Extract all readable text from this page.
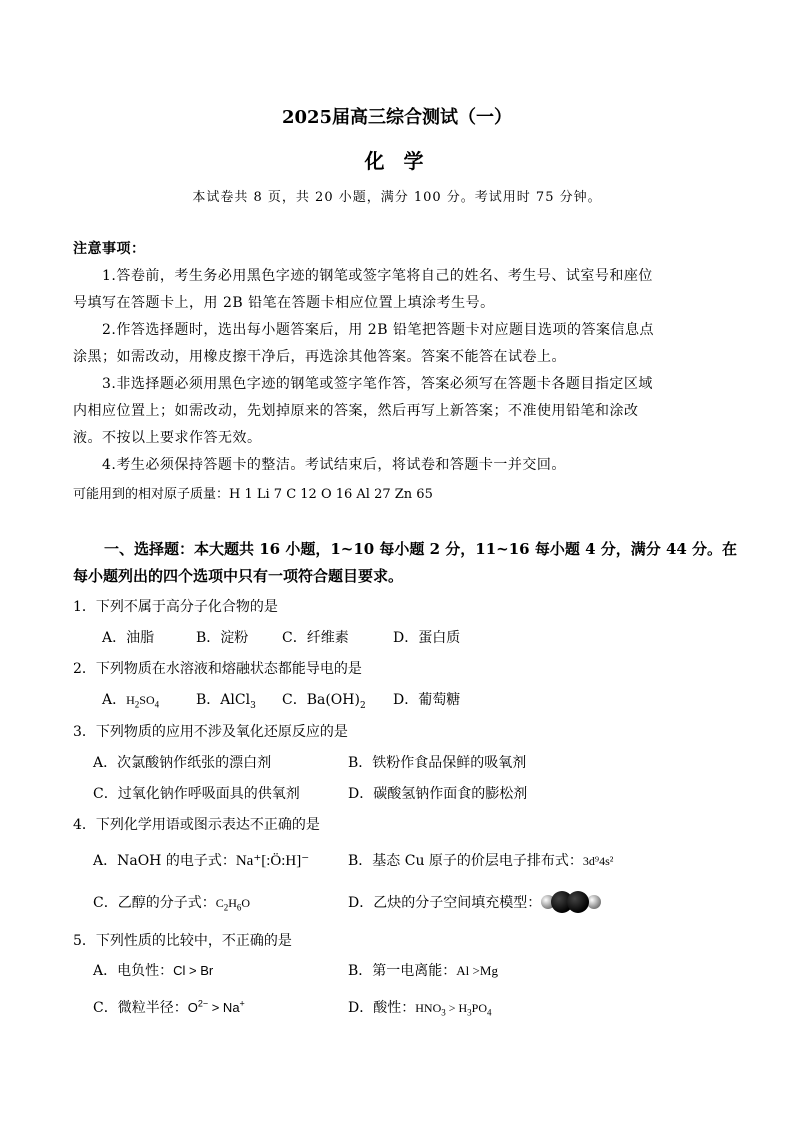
2025届高三综合测试（一）
化 学
本试卷共 8 页，共 20 小题，满分 100 分。考试用时 75 分钟。
注意事项：
1.答卷前，考生务必用黑色字迹的钢笔或签字笔将自己的姓名、考生号、试室号和座位
号填写在答题卡上，用 2B 铅笔在答题卡相应位置上填涂考生号。
2.作答选择题时，选出每小题答案后，用 2B 铅笔把答题卡对应题目选项的答案信息点
涂黑；如需改动，用橡皮擦干净后，再选涂其他答案。答案不能答在试卷上。
3.非选择题必须用黑色字迹的钢笔或签字笔作答，答案必须写在答题卡各题目指定区域
内相应位置上；如需改动，先划掉原来的答案，然后再写上新答案；不准使用铅笔和涂改
液。不按以上要求作答无效。
4.考生必须保持答题卡的整洁。考试结束后，将试卷和答题卡一并交回。
可能用到的相对原子质量：H 1 Li 7 C 12 O 16 Al 27 Zn 65
一、选择题：本大题共 16 小题，1~10 每小题 2 分，11~16 每小题 4 分，满分 44 分。在
每小题列出的四个选项中只有一项符合题目要求。
1．下列不属于高分子化合物的是
A．油脂	B．淀粉 C．纤维素	D．蛋白质
2．下列物质在水溶液和熔融状态都能导电的是
A．$H_2SO_4$	B．AlCl$_3$ C．$Ba(OH)_2$ D．葡萄糖
3．下列物质的应用不涉及氧化还原反应的是
A．次氯酸钠作纸张的漂白剂	B．铁粉作食品保鲜的吸氧剂
C．过氧化钠作呼吸面具的供氧剂	D．碳酸氢钠作面食的膨松剂
4．下列化学用语或图示表达不正确的是
A．NaOH 的电子式：Na⁺[:Ö:H]⁻	B．基态 Cu 原子的价层电子排布式：3d⁹4s²
C．乙醇的分子式：$C_2H_6O$	D．乙炔的分子空间填充模型：
5．下列性质的比较中，不正确的是
A．电负性：Cl > Br	B．第一电离能：Al >Mg
C．微粒半径：$O^{2-} > Na^+$	D．酸性：$HNO_3 > H_3PO_4$
